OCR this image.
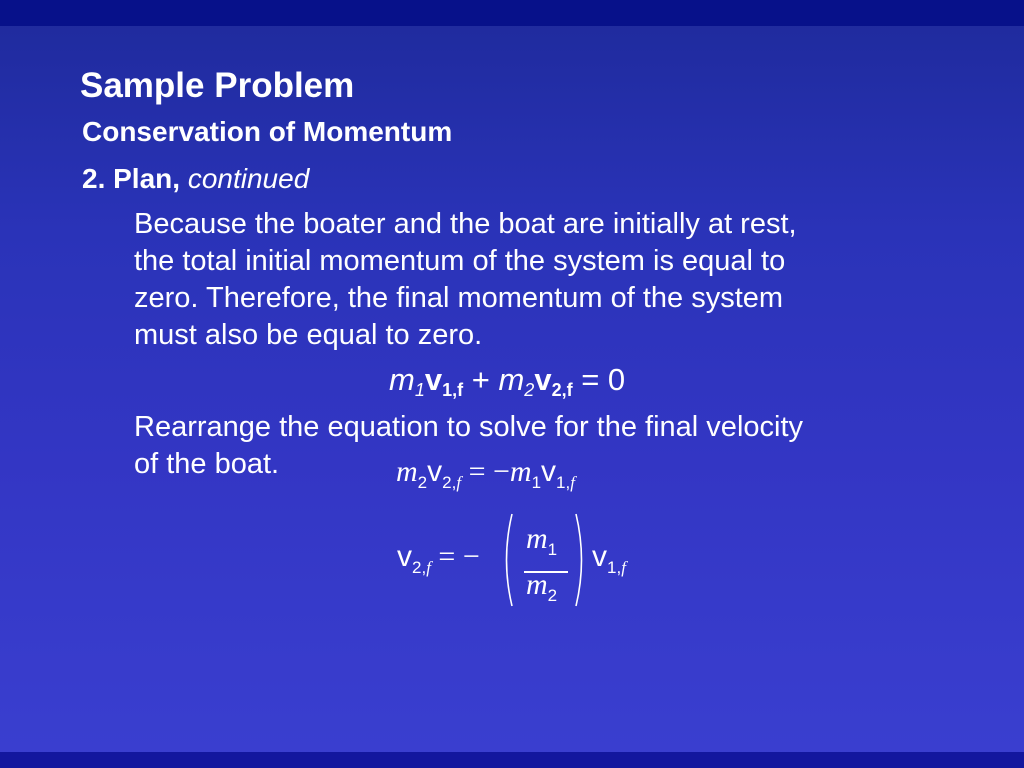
Sample Problem
Conservation of Momentum
2. Plan, continued
Because the boater and the boat are initially at rest,
the total initial momentum of the system is equal to
zero. Therefore, the final momentum of the system
must also be equal to zero.
$m_1v_{1,f} + m_2v_{2,f} = 0$
Rearrange the equation to solve for the final velocity
of the boat.	$m_2v_{2,f} = -m_1v_{1,f}$
$v_{2,f}$ = −
$m_1$
$m_2$
$v_{1,f}$
